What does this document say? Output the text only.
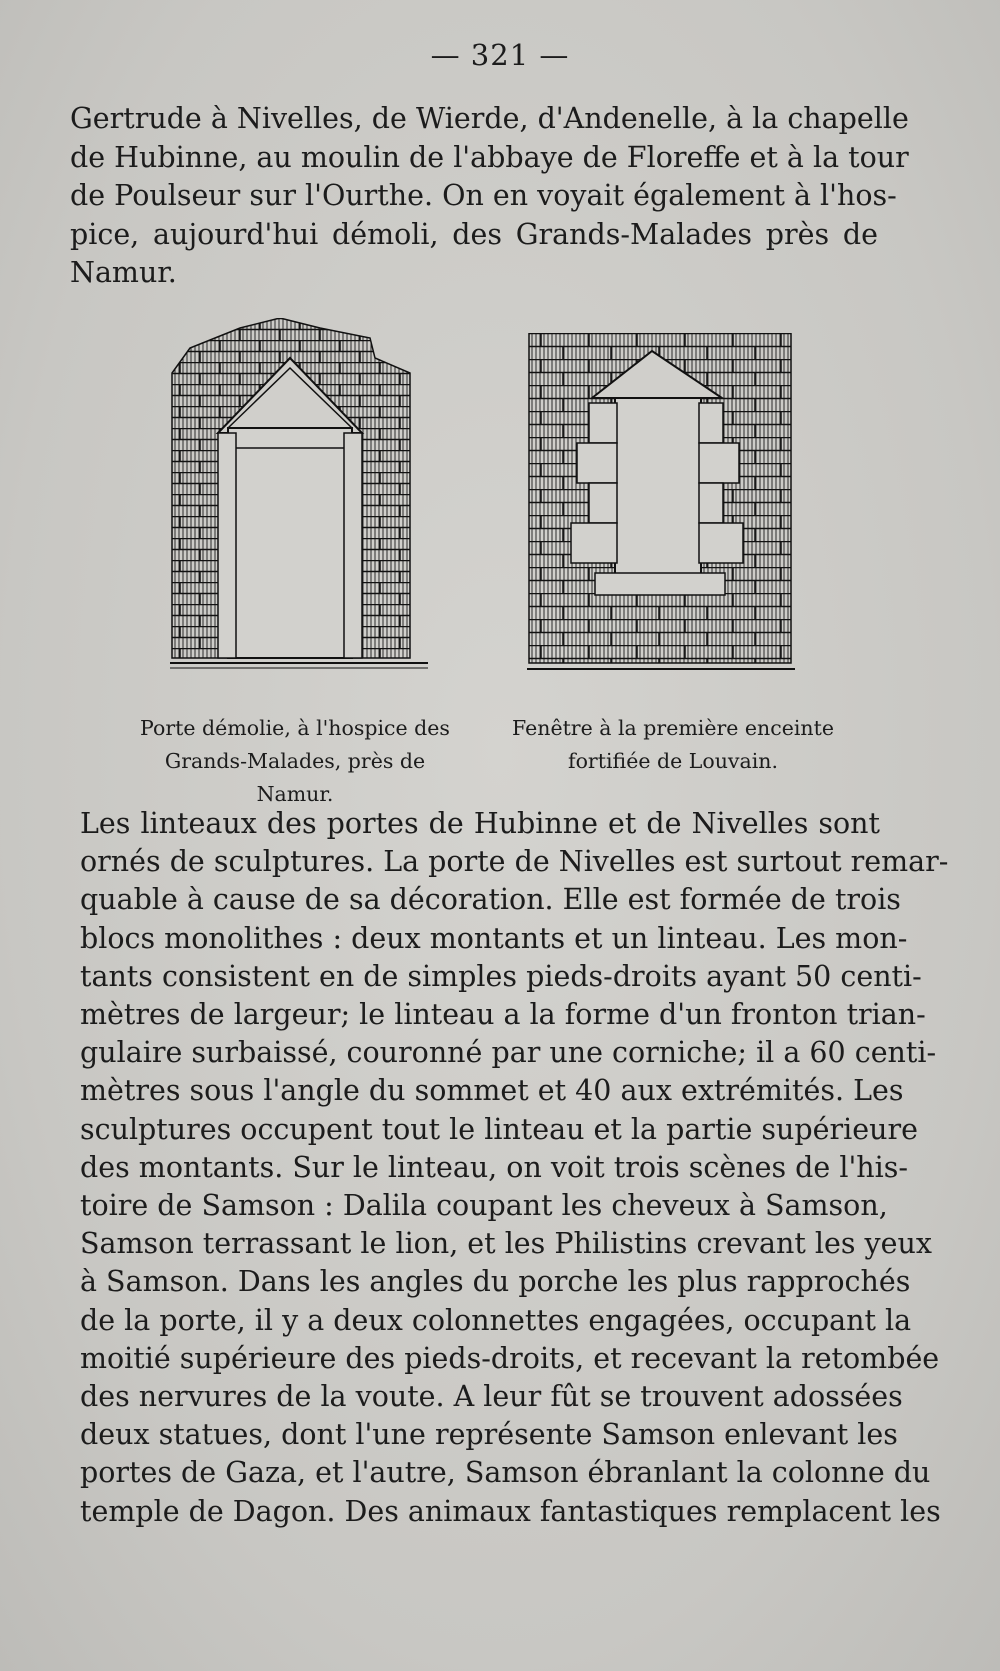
— 321 —

Gertrude à Nivelles, de Wierde, d'Andenelle, à la chapelle
de Hubinne, au moulin de l'abbaye de Floreffe et à la tour
de Poulseur sur l'Ourthe. On en voyait également à l'hos-
pice, aujourd'hui démoli, des Grands-Malades près de
Namur.

Porte démolie, à l'hospice des
Grands-Malades, près de Namur.

Fenêtre à la première enceinte
fortifiée de Louvain.

Les linteaux des portes de Hubinne et de Nivelles sont
ornés de sculptures. La porte de Nivelles est surtout remar-
quable à cause de sa décoration. Elle est formée de trois
blocs monolithes : deux montants et un linteau. Les mon-
tants consistent en de simples pieds-droits ayant 50 centi-
mètres de largeur; le linteau a la forme d'un fronton trian-
gulaire surbaissé, couronné par une corniche; il a 60 centi-
mètres sous l'angle du sommet et 40 aux extrémités. Les
sculptures occupent tout le linteau et la partie supérieure
des montants. Sur le linteau, on voit trois scènes de l'his-
toire de Samson : Dalila coupant les cheveux à Samson,
Samson terrassant le lion, et les Philistins crevant les yeux
à Samson. Dans les angles du porche les plus rapprochés
de la porte, il y a deux colonnettes engagées, occupant la
moitié supérieure des pieds-droits, et recevant la retombée
des nervures de la voute. A leur fût se trouvent adossées
deux statues, dont l'une représente Samson enlevant les
portes de Gaza, et l'autre, Samson ébranlant la colonne du
temple de Dagon. Des animaux fantastiques remplacent les
